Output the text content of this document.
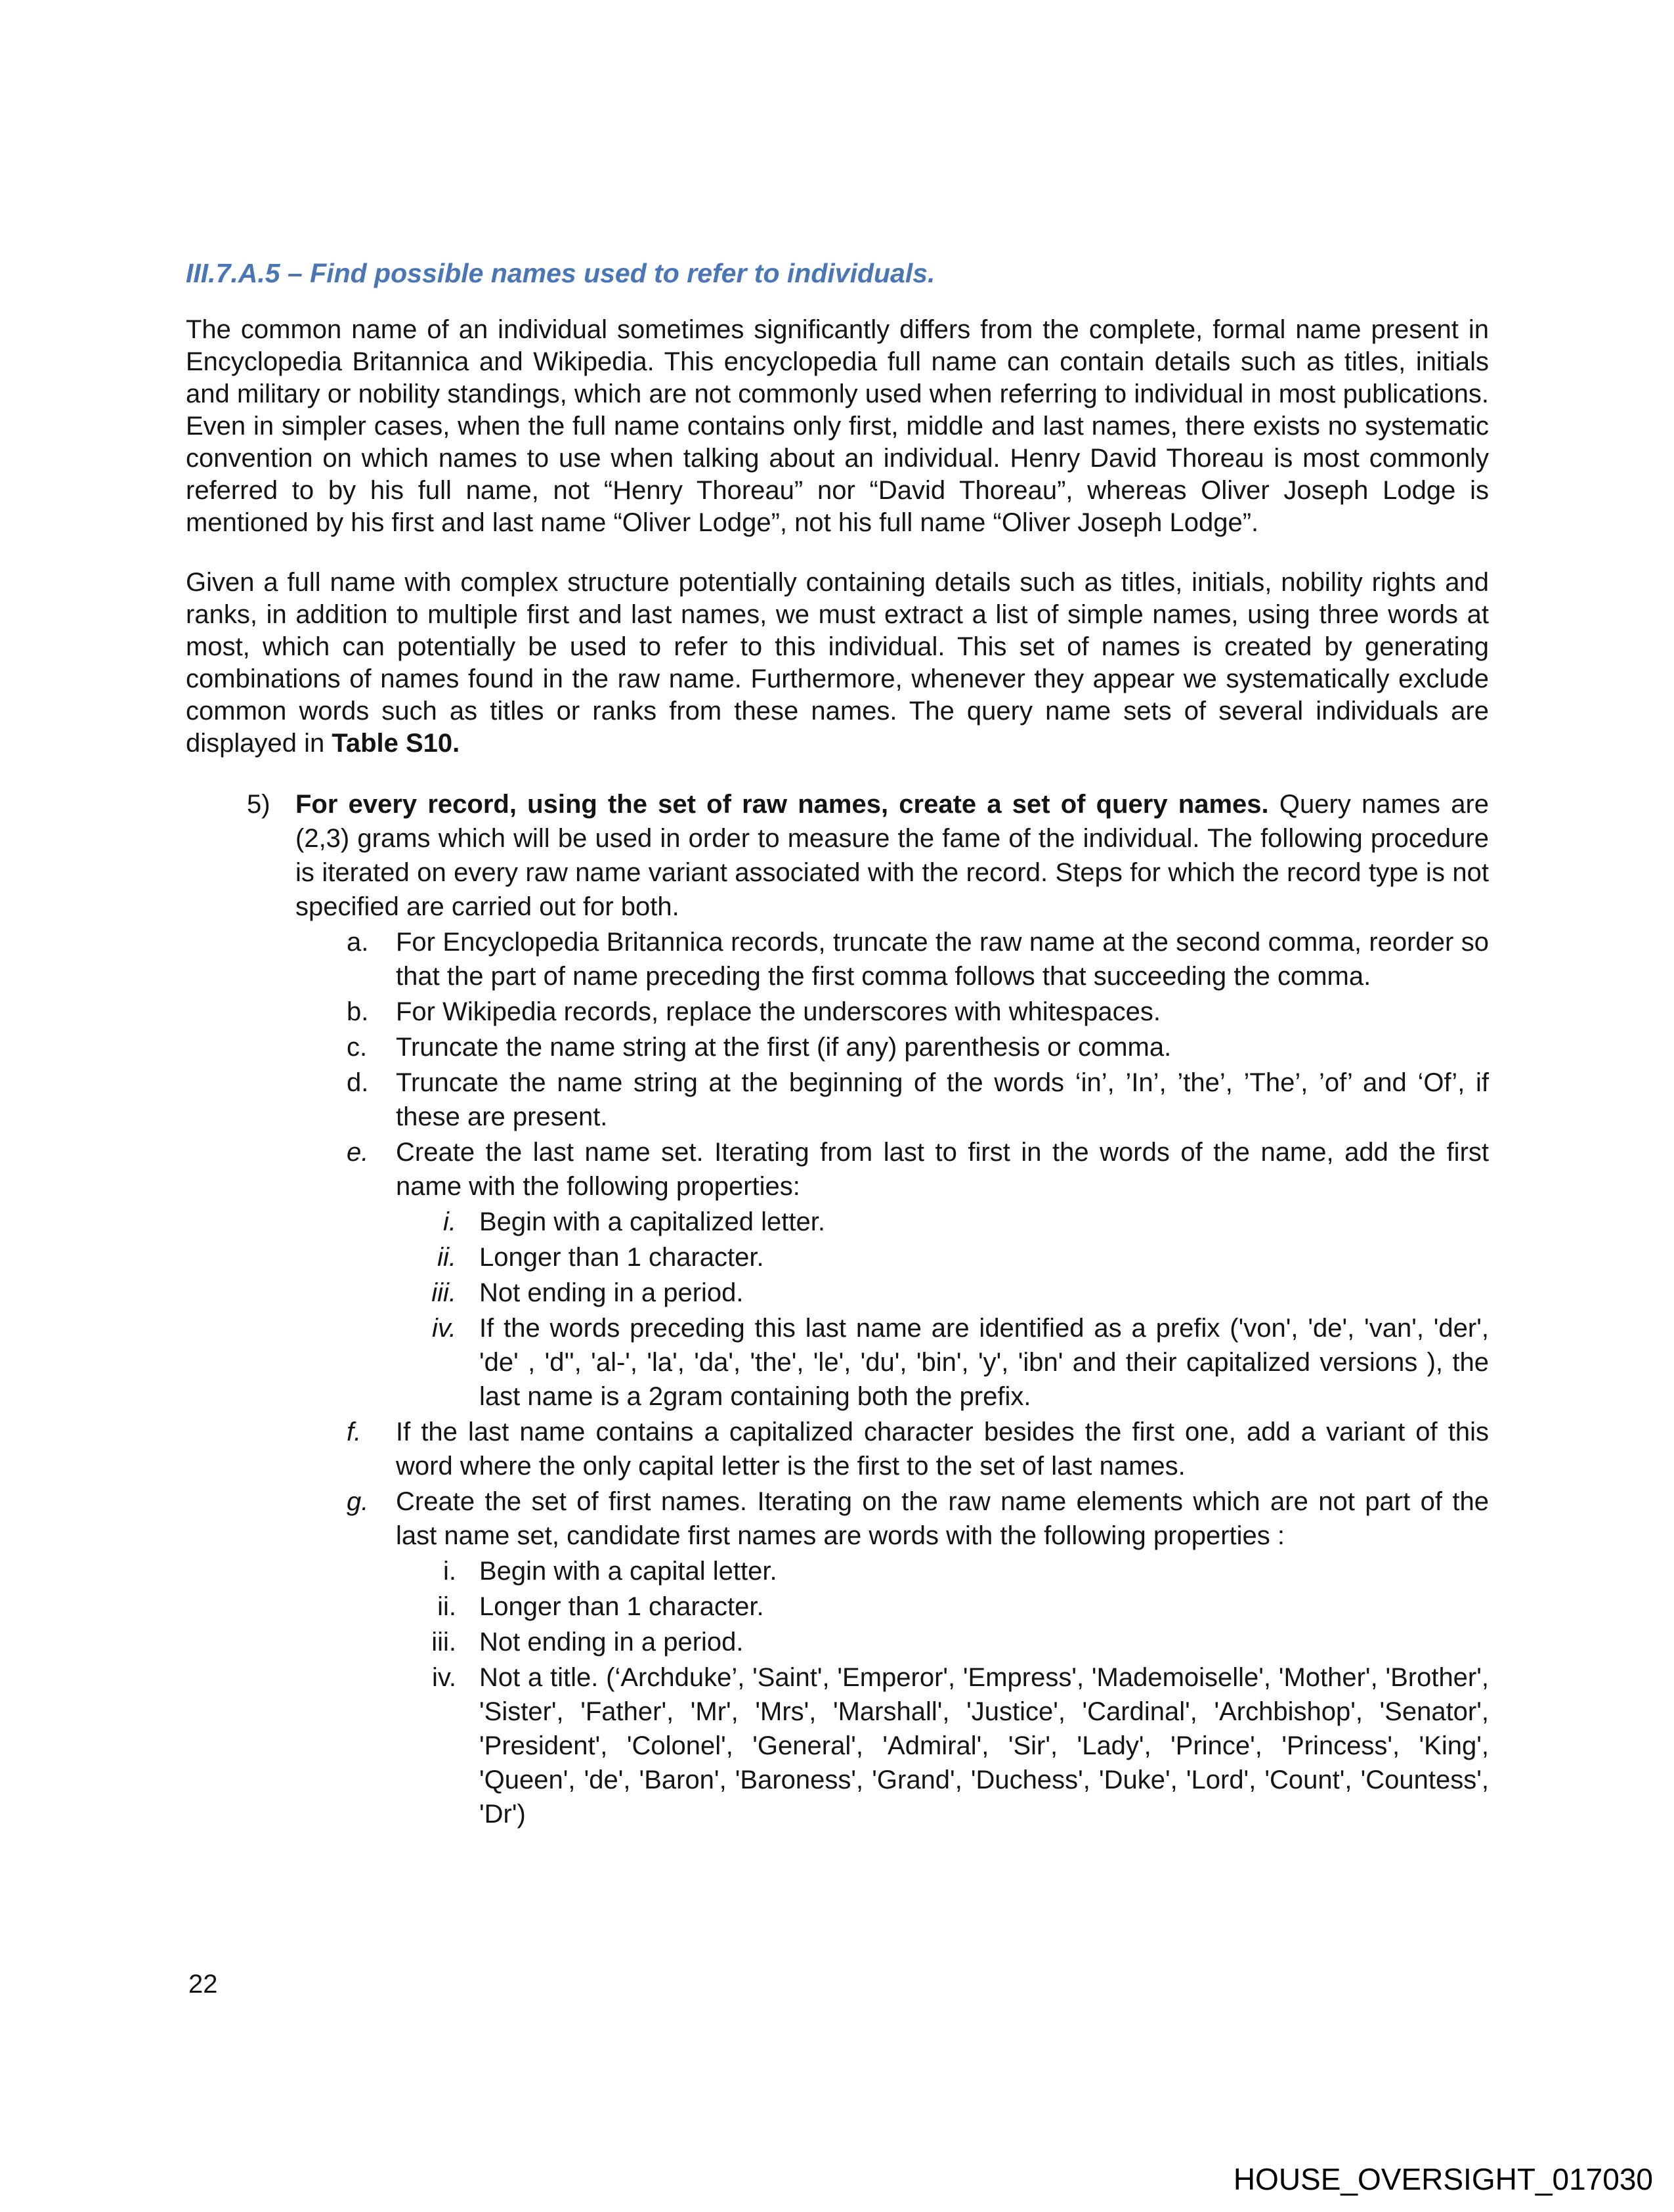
III.7.A.5 – Find possible names used to refer to individuals.

The common name of an individual sometimes significantly differs from the complete, formal name present in Encyclopedia Britannica and Wikipedia. This encyclopedia full name can contain details such as titles, initials and military or nobility standings, which are not commonly used when referring to individual in most publications. Even in simpler cases, when the full name contains only first, middle and last names, there exists no systematic convention on which names to use when talking about an individual. Henry David Thoreau is most commonly referred to by his full name, not “Henry Thoreau” nor “David Thoreau”, whereas Oliver Joseph Lodge is mentioned by his first and last name “Oliver Lodge”, not his full name “Oliver Joseph Lodge”.

Given a full name with complex structure potentially containing details such as titles, initials, nobility rights and ranks, in addition to multiple first and last names, we must extract a list of simple names, using three words at most, which can potentially be used to refer to this individual. This set of names is created by generating combinations of names found in the raw name. Furthermore, whenever they appear we systematically exclude common words such as titles or ranks from these names. The query name sets of several individuals are displayed in Table S10.

5) For every record, using the set of raw names, create a set of query names. Query names are (2,3) grams which will be used in order to measure the fame of the individual. The following procedure is iterated on every raw name variant associated with the record. Steps for which the record type is not specified are carried out for both.
a.	For Encyclopedia Britannica records, truncate the raw name at the second comma, reorder so that the part of name preceding the first comma follows that succeeding the comma.
b.	For Wikipedia records, replace the underscores with whitespaces.
c.	Truncate the name string at the first (if any) parenthesis or comma.
d.	Truncate the name string at the beginning of the words ‘in’, ’In’, ’the’, ’The’, ’of’ and ‘Of’, if these are present.
e.	Create the last name set. Iterating from last to first in the words of the name, add the first name with the following properties:
i. Begin with a capitalized letter.
ii. Longer than 1 character.
iii. Not ending in a period.
iv. If the words preceding this last name are identified as a prefix ('von', 'de', 'van', 'der', 'de' , 'd'', 'al-', 'la', 'da', 'the', 'le', 'du', 'bin', 'y', 'ibn' and their capitalized versions ), the last name is a 2gram containing both the prefix.
f.	If the last name contains a capitalized character besides the first one, add a variant of this word where the only capital letter is the first to the set of last names.
g.	Create the set of first names. Iterating on the raw name elements which are not part of the last name set, candidate first names are words with the following properties :
i. Begin with a capital letter.
ii. Longer than 1 character.
iii. Not ending in a period.
iv. Not a title. (‘Archduke’, 'Saint', 'Emperor', 'Empress', 'Mademoiselle', 'Mother', 'Brother', 'Sister', 'Father', 'Mr', 'Mrs', 'Marshall', 'Justice', 'Cardinal', 'Archbishop', 'Senator', 'President', 'Colonel', 'General', 'Admiral', 'Sir', 'Lady', 'Prince', 'Princess', 'King', 'Queen', 'de', 'Baron', 'Baroness', 'Grand', 'Duchess', 'Duke', 'Lord', 'Count', 'Countess', 'Dr')
22
HOUSE_OVERSIGHT_017030
